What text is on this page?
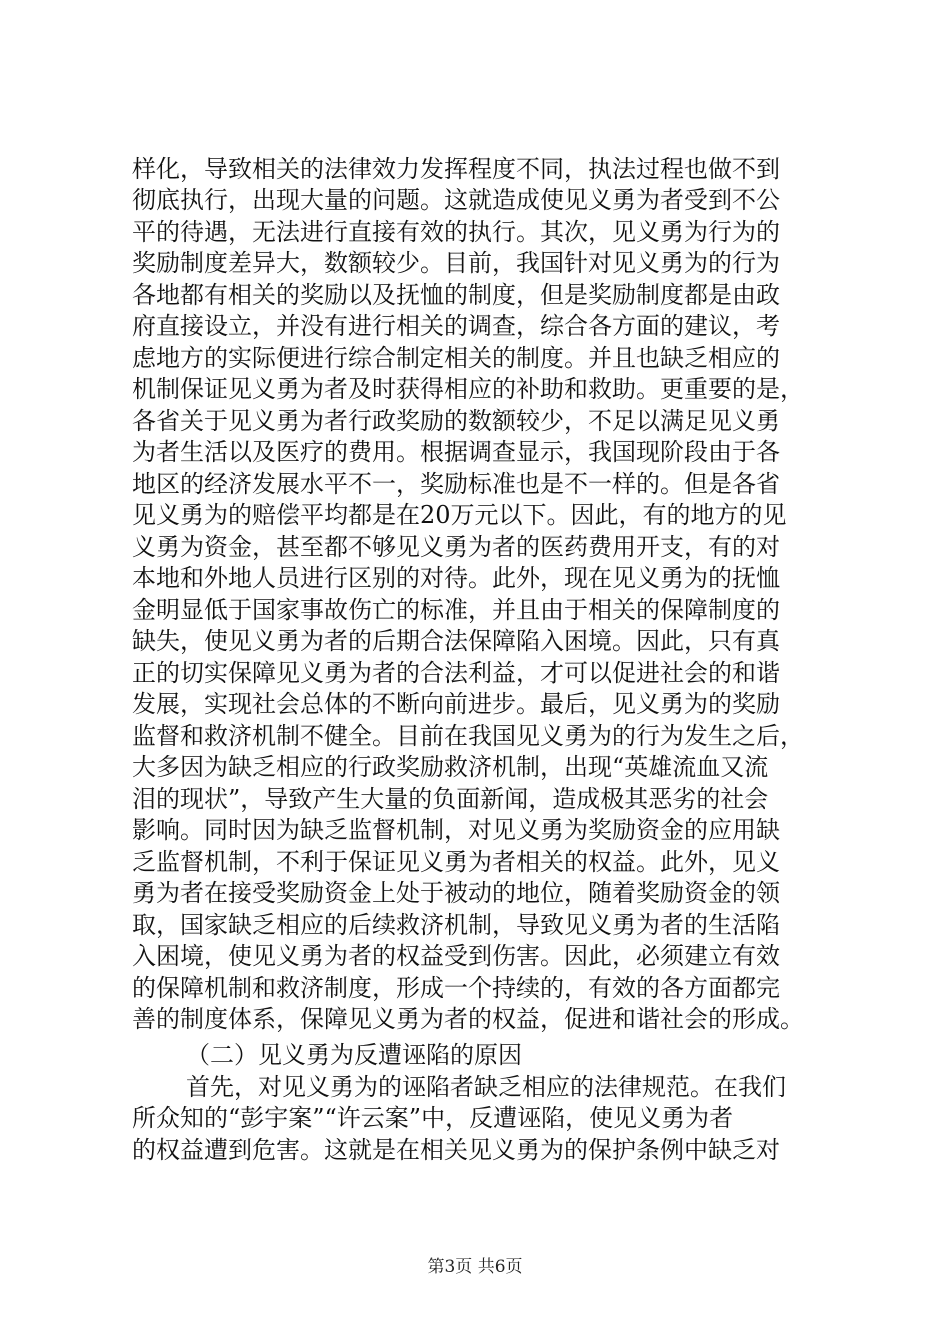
样化，导致相关的法律效力发挥程度不同，执法过程也做不到
彻底执行，出现大量的问题。这就造成使见义勇为者受到不公
平的待遇，无法进行直接有效的执行。其次，见义勇为行为的
奖励制度差异大，数额较少。目前，我国针对见义勇为的行为
各地都有相关的奖励以及抚恤的制度，但是奖励制度都是由政
府直接设立，并没有进行相关的调查，综合各方面的建议，考
虑地方的实际便进行综合制定相关的制度。并且也缺乏相应的
机制保证见义勇为者及时获得相应的补助和救助。更重要的是，
各省关于见义勇为者行政奖励的数额较少，不足以满足见义勇
为者生活以及医疗的费用。根据调查显示，我国现阶段由于各
地区的经济发展水平不一，奖励标准也是不一样的。但是各省
见义勇为的赔偿平均都是在20万元以下。因此，有的地方的见
义勇为资金，甚至都不够见义勇为者的医药费用开支，有的对
本地和外地人员进行区别的对待。此外，现在见义勇为的抚恤
金明显低于国家事故伤亡的标准，并且由于相关的保障制度的
缺失，使见义勇为者的后期合法保障陷入困境。因此，只有真
正的切实保障见义勇为者的合法利益，才可以促进社会的和谐
发展，实现社会总体的不断向前进步。最后，见义勇为的奖励
监督和救济机制不健全。目前在我国见义勇为的行为发生之后，
大多因为缺乏相应的行政奖励救济机制，出现“英雄流血又流
泪的现状”，导致产生大量的负面新闻，造成极其恶劣的社会
影响。同时因为缺乏监督机制，对见义勇为奖励资金的应用缺
乏监督机制，不利于保证见义勇为者相关的权益。此外，见义
勇为者在接受奖励资金上处于被动的地位，随着奖励资金的领
取，国家缺乏相应的后续救济机制，导致见义勇为者的生活陷
入困境，使见义勇为者的权益受到伤害。因此，必须建立有效
的保障机制和救济制度，形成一个持续的，有效的各方面都完
善的制度体系，保障见义勇为者的权益，促进和谐社会的形成。
（二）见义勇为反遭诬陷的原因
首先，对见义勇为的诬陷者缺乏相应的法律规范。在我们
所众知的“彭宇案”“许云案”中，反遭诬陷，使见义勇为者
的权益遭到危害。这就是在相关见义勇为的保护条例中缺乏对
第3页 共6页
